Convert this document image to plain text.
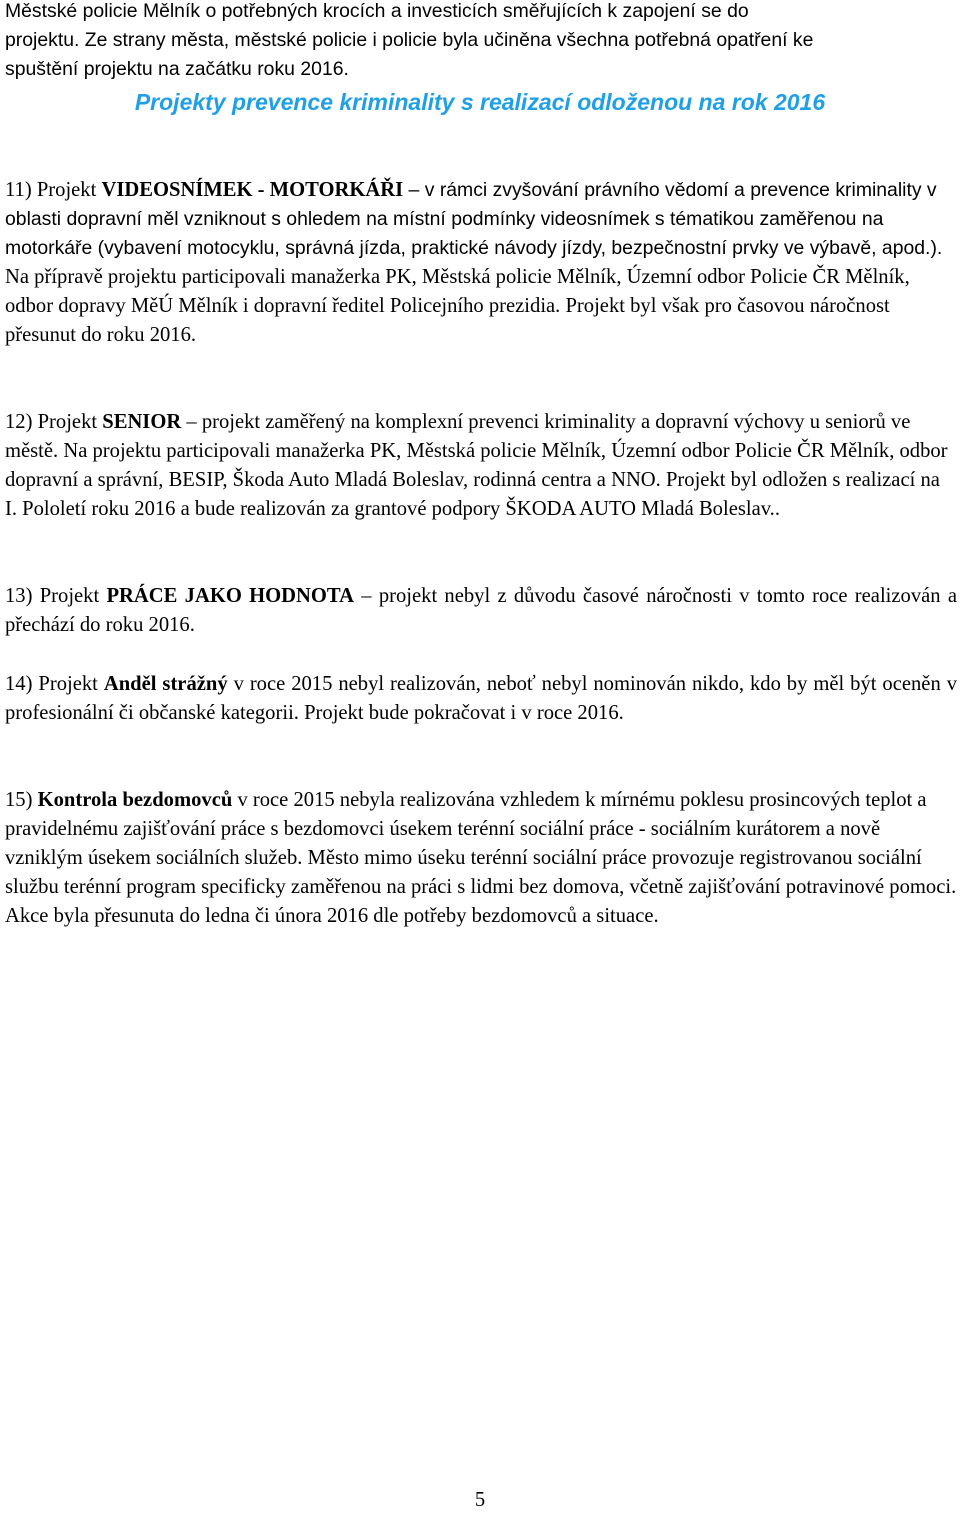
Městské policie Mělník o potřebných krocích a investicích směřujících k zapojení se do
projektu. Ze strany města, městské policie i policie byla učiněna všechna potřebná opatření ke
spuštění projektu na začátku roku 2016.
Projekty prevence kriminality s realizací odloženou na rok 2016

11) Projekt VIDEOSNÍMEK - MOTORKÁŘI – v rámci zvyšování právního vědomí a prevence kriminality v oblasti dopravní měl vzniknout s ohledem na místní podmínky videosnímek s tématikou zaměřenou na motorkáře (vybavení motocyklu, správná jízda, praktické návody jízdy, bezpečnostní prvky ve výbavě, apod.). Na přípravě projektu participovali manažerka PK, Městská policie Mělník, Územní odbor Policie ČR Mělník, odbor dopravy MěÚ Mělník i dopravní ředitel Policejního prezidia. Projekt byl však pro časovou náročnost přesunut do roku 2016.

12) Projekt SENIOR – projekt zaměřený na komplexní prevenci kriminality a dopravní výchovy u seniorů ve městě. Na projektu participovali manažerka PK, Městská policie Mělník, Územní odbor Policie ČR Mělník, odbor dopravní a správní, BESIP, Škoda Auto Mladá Boleslav, rodinná centra a NNO. Projekt byl odložen s realizací na I. Pololetí roku 2016 a bude realizován za grantové podpory ŠKODA AUTO Mladá Boleslav..

13) Projekt PRÁCE JAKO HODNOTA – projekt nebyl z důvodu časové náročnosti v tomto roce realizován a přechází do roku 2016.

14) Projekt Anděl strážný v roce 2015 nebyl realizován, neboť nebyl nominován nikdo, kdo by měl být oceněn v profesionální či občanské kategorii. Projekt bude pokračovat i v roce 2016.

15) Kontrola bezdomovců v roce 2015 nebyla realizována vzhledem k mírnému poklesu prosincových teplot a pravidelnému zajišťování práce s bezdomovci úsekem terénní sociální práce - sociálním kurátorem a nově vzniklým úsekem sociálních služeb. Město mimo úseku terénní sociální práce provozuje registrovanou sociální službu terénní program specificky zaměřenou na práci s lidmi bez domova, včetně zajišťování potravinové pomoci. Akce byla přesunuta do ledna či února 2016 dle potřeby bezdomovců a situace.

5
